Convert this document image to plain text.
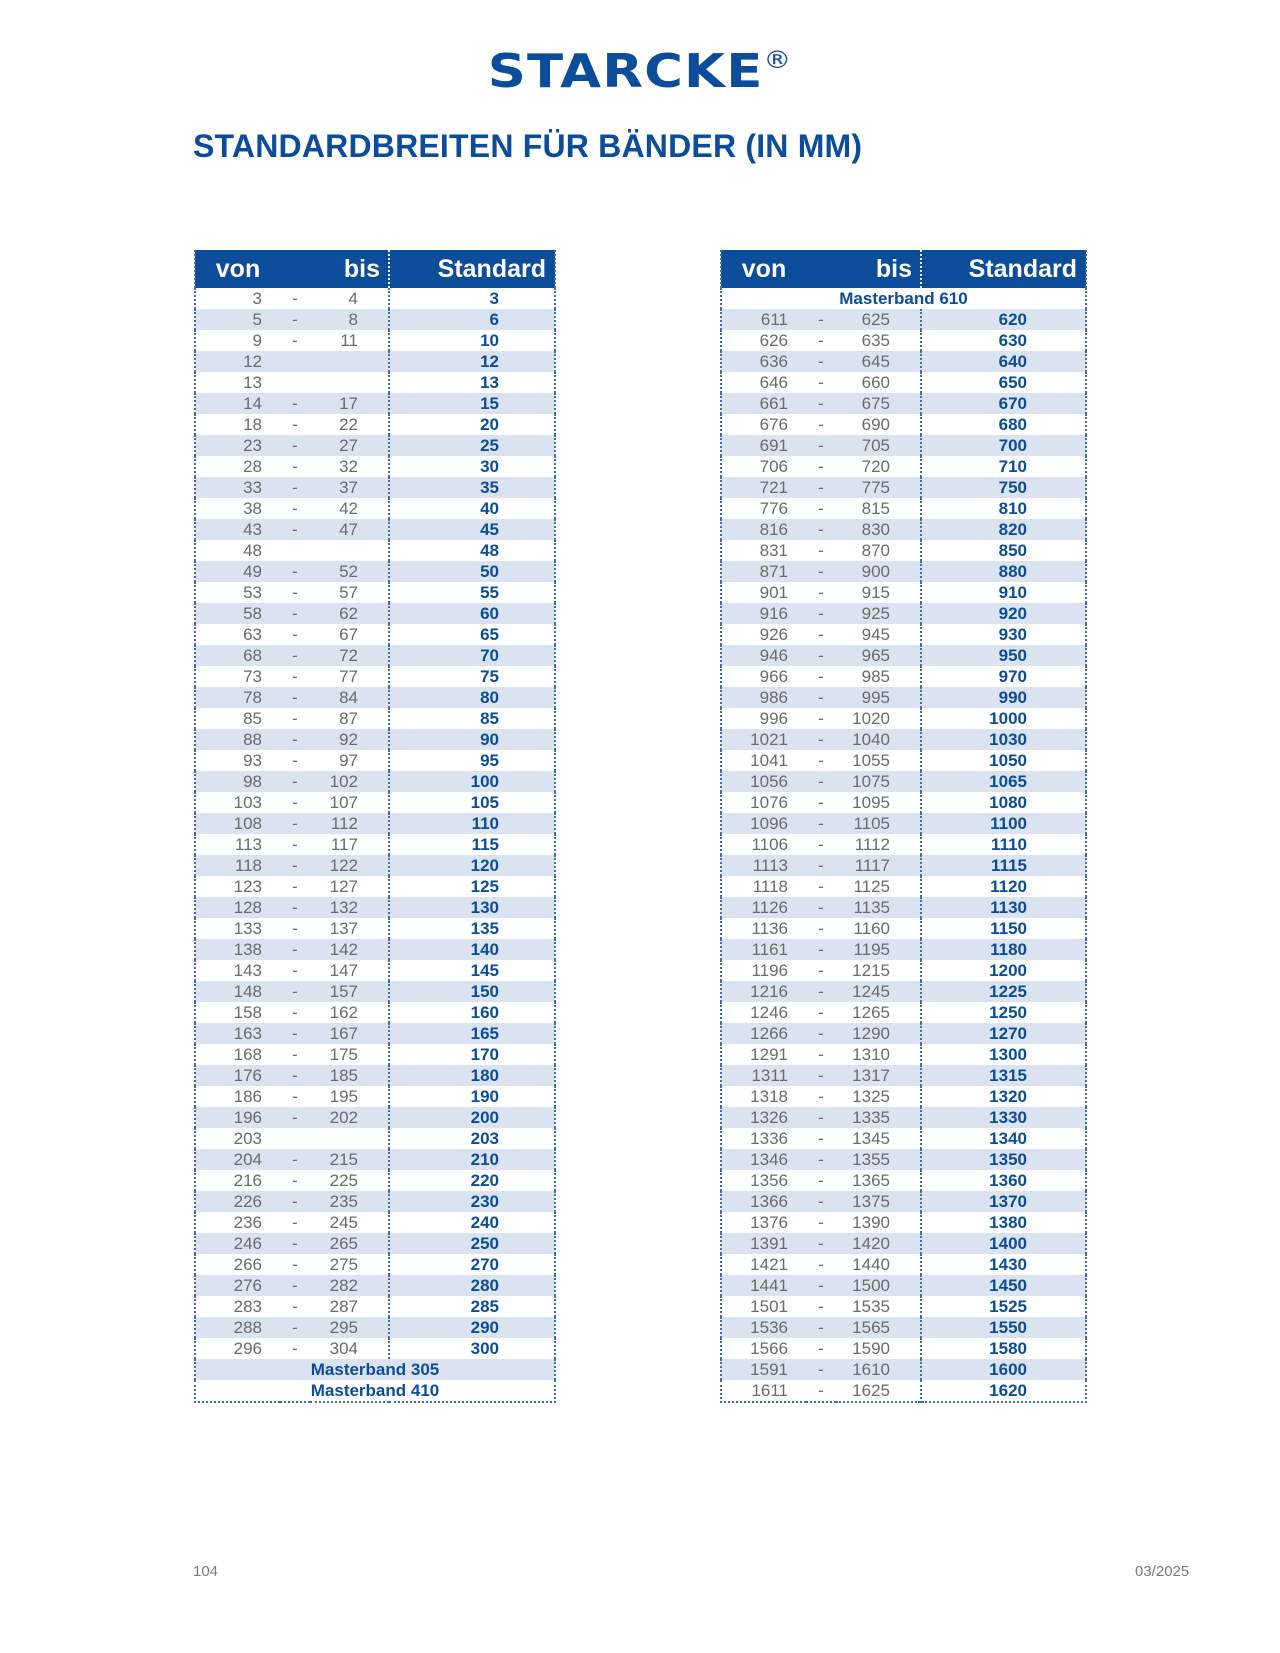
STARCKE®
STANDARDBREITEN FÜR BÄNDER (IN MM)
von	bis		Standard
3	-	4	3
5	-	8	6
9	-	11	10
12			12
13			13
14	-	17	15
18	-	22	20
23	-	27	25
28	-	32	30
33	-	37	35
38	-	42	40
43	-	47	45
48			48
49	-	52	50
53	-	57	55
58	-	62	60
63	-	67	65
68	-	72	70
73	-	77	75
78	-	84	80
85	-	87	85
88	-	92	90
93	-	97	95
98	-	102	100
103	-	107	105
108	-	112	110
113	-	117	115
118	-	122	120
123	-	127	125
128	-	132	130
133	-	137	135
138	-	142	140
143	-	147	145
148	-	157	150
158	-	162	160
163	-	167	165
168	-	175	170
176	-	185	180
186	-	195	190
196	-	202	200
203			203
204	-	215	210
216	-	225	220
226	-	235	230
236	-	245	240
246	-	265	250
266	-	275	270
276	-	282	280
283	-	287	285
288	-	295	290
296	-	304	300
Masterband 305			
Masterband 410			
von	bis		Standard
Masterband 610			
611	-	625	620
626	-	635	630
636	-	645	640
646	-	660	650
661	-	675	670
676	-	690	680
691	-	705	700
706	-	720	710
721	-	775	750
776	-	815	810
816	-	830	820
831	-	870	850
871	-	900	880
901	-	915	910
916	-	925	920
926	-	945	930
946	-	965	950
966	-	985	970
986	-	995	990
996	-	1020	1000
1021	-	1040	1030
1041	-	1055	1050
1056	-	1075	1065
1076	-	1095	1080
1096	-	1105	1100
1106	-	1112	1110
1113	-	1117	1115
1118	-	1125	1120
1126	-	1135	1130
1136	-	1160	1150
1161	-	1195	1180
1196	-	1215	1200
1216	-	1245	1225
1246	-	1265	1250
1266	-	1290	1270
1291	-	1310	1300
1311	-	1317	1315
1318	-	1325	1320
1326	-	1335	1330
1336	-	1345	1340
1346	-	1355	1350
1356	-	1365	1360
1366	-	1375	1370
1376	-	1390	1380
1391	-	1420	1400
1421	-	1440	1430
1441	-	1500	1450
1501	-	1535	1525
1536	-	1565	1550
1566	-	1590	1580
1591	-	1610	1600
1611	-	1625	1620
104	03/2025
